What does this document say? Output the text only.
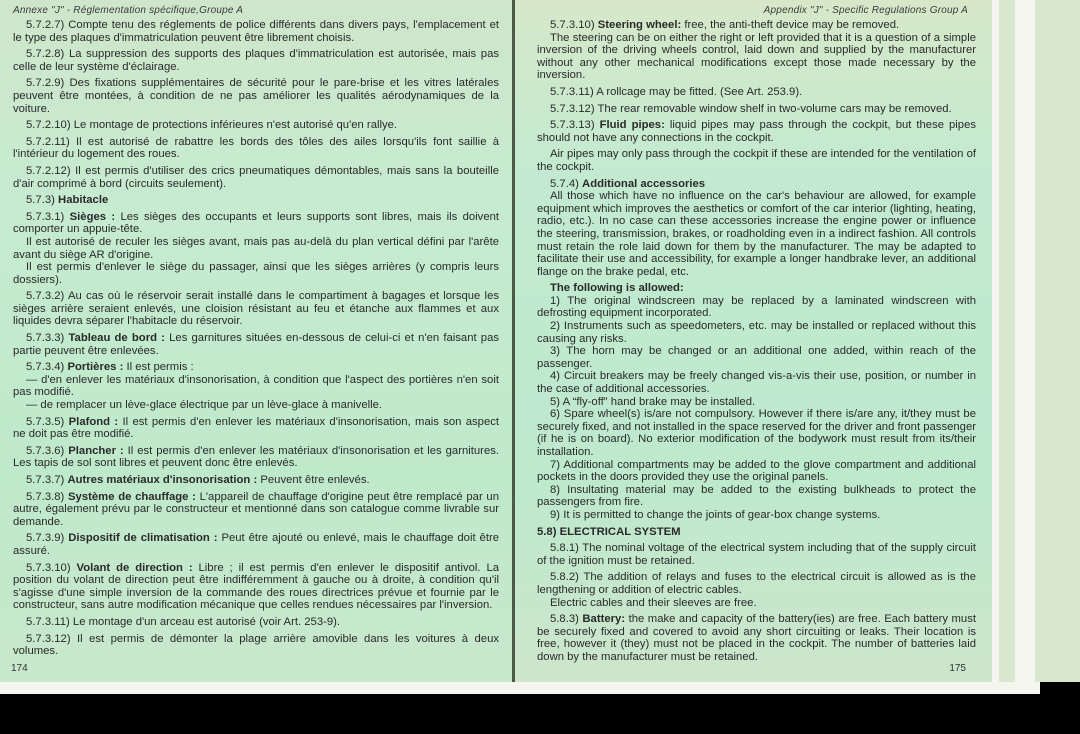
Annexe "J" - Réglementation spécifique,Groupe A

5.7.2.7) Compte tenu des réglements de police différents dans divers pays, l'emplacement et le type des plaques d'immatriculation peuvent être librement choisis.

5.7.2.8) La suppression des supports des plaques d'immatriculation est autorisée, mais pas celle de leur système d'éclairage.

5.7.2.9) Des fixations supplémentaires de sécurité pour le pare-brise et les vitres latérales peuvent être montées, à condition de ne pas améliorer les qualités aérodynamiques de la voiture.

5.7.2.10) Le montage de protections inférieures n'est autorisé qu'en rallye.

5.7.2.11) Il est autorisé de rabattre les bords des tôles des ailes lorsqu'ils font saillie à l'intérieur du logement des roues.

5.7.2.12) Il est permis d'utiliser des crics pneumatiques démontables, mais sans la bouteille d'air comprimé à bord (circuits seulement).

5.7.3) Habitacle

5.7.3.1) Sièges : Les sièges des occupants et leurs supports sont libres, mais ils doivent comporter un appuie-tête.

Il est autorisé de reculer les sièges avant, mais pas au-delà du plan vertical défini par l'arête avant du siège AR d'origine.

Il est permis d'enlever le siège du passager, ainsi que les sièges arrières (y compris leurs dossiers).

5.7.3.2) Au cas où le réservoir serait installé dans le compartiment à bagages et lorsque les sièges arrière seraient enlevés, une cloision résistant au feu et étanche aux flammes et aux liquides devra séparer l'habitacle du réservoir.

5.7.3.3) Tableau de bord : Les garnitures situées en-dessous de celui-ci et n'en faisant pas partie peuvent être enlevées.

5.7.3.4) Portières : Il est permis :

— d'en enlever les matériaux d'insonorisation, à condition que l'aspect des portières n'en soit pas modifié.

— de remplacer un lève-glace électrique par un lève-glace à manivelle.

5.7.3.5) Plafond : Il est permis d'en enlever les matériaux d'insonorisation, mais son aspect ne doit pas être modifié.

5.7.3.6) Plancher : Il est permis d'en enlever les matériaux d'insonorisation et les garnitures. Les tapis de sol sont libres et peuvent donc être enlevés.

5.7.3.7) Autres matériaux d'insonorisation : Peuvent être enlevés.

5.7.3.8) Système de chauffage : L'appareil de chauffage d'origine peut être remplacé par un autre, également prévu par le constructeur et mentionné dans son catalogue comme livrable sur demande.

5.7.3.9) Dispositif de climatisation : Peut être ajouté ou enlevé, mais le chauffage doit être assuré.

5.7.3.10) Volant de direction : Libre ; il est permis d'en enlever le dispositif antivol. La position du volant de direction peut être indifféremment à gauche ou à droite, à condition qu'il s'agisse d'une simple inversion de la commande des roues directrices prévue et fournie par le constructeur, sans autre modification mécanique que celles rendues nécessaires par l'inversion.

5.7.3.11) Le montage d'un arceau est autorisé (voir Art. 253-9).

5.7.3.12) Il est permis de démonter la plage arrière amovible dans les voitures à deux volumes.

174
Appendix "J" - Specific Regulations Group A

5.7.3.10) Steering wheel: free, the anti-theft device may be removed.

The steering can be on either the right or left provided that it is a question of a simple inversion of the driving wheels control, laid down and supplied by the manufacturer without any other mechanical modifications except those made necessary by the inversion.

5.7.3.11) A rollcage may be fitted. (See Art. 253.9).

5.7.3.12) The rear removable window shelf in two-volume cars may be removed.

5.7.3.13) Fluid pipes: liquid pipes may pass through the cockpit, but these pipes should not have any connections in the cockpit.

Air pipes may only pass through the cockpit if these are intended for the ventilation of the cockpit.

5.7.4) Additional accessories

All those which have no influence on the car's behaviour are allowed, for example equipment which improves the aesthetics or comfort of the car interior (lighting, heating, radio, etc.). In no case can these accessories increase the engine power or influence the steering, transmission, brakes, or roadholding even in a indirect fashion. All controls must retain the role laid down for them by the manufacturer. The may be adapted to facilitate their use and accessibility, for example a longer handbrake lever, an additional flange on the brake pedal, etc.

The following is allowed:

1) The original windscreen may be replaced by a laminated windscreen with defrosting equipment incorporated.

2) Instruments such as speedometers, etc. may be installed or replaced without this causing any risks.

3) The horn may be changed or an additional one added, within reach of the passenger.

4) Circuit breakers may be freely changed vis-a-vis their use, position, or number in the case of additional accessories.

5) A “fly-off” hand brake may be installed.

6) Spare wheel(s) is/are not compulsory. However if there is/are any, it/they must be securely fixed, and not installed in the space reserved for the driver and front passenger (if he is on board). No exterior modification of the bodywork must result from its/their installation.

7) Additional compartments may be added to the glove compartment and additional pockets in the doors provided they use the original panels.

8) Insultating material may be added to the existing bulkheads to protect the passengers from fire.

9) It is permitted to change the joints of gear-box change systems.

5.8) ELECTRICAL SYSTEM

5.8.1) The nominal voltage of the electrical system including that of the supply circuit of the ignition must be retained.

5.8.2) The addition of relays and fuses to the electrical circuit is allowed as is the lengthening or addition of electric cables.

Electric cables and their sleeves are free.

5.8.3) Battery: the make and capacity of the battery(ies) are free. Each battery must be securely fixed and covered to avoid any short circuiting or leaks. Their location is free, however it (they) must not be placed in the cockpit. The number of batteries laid down by the manufacturer must be retained.

175
